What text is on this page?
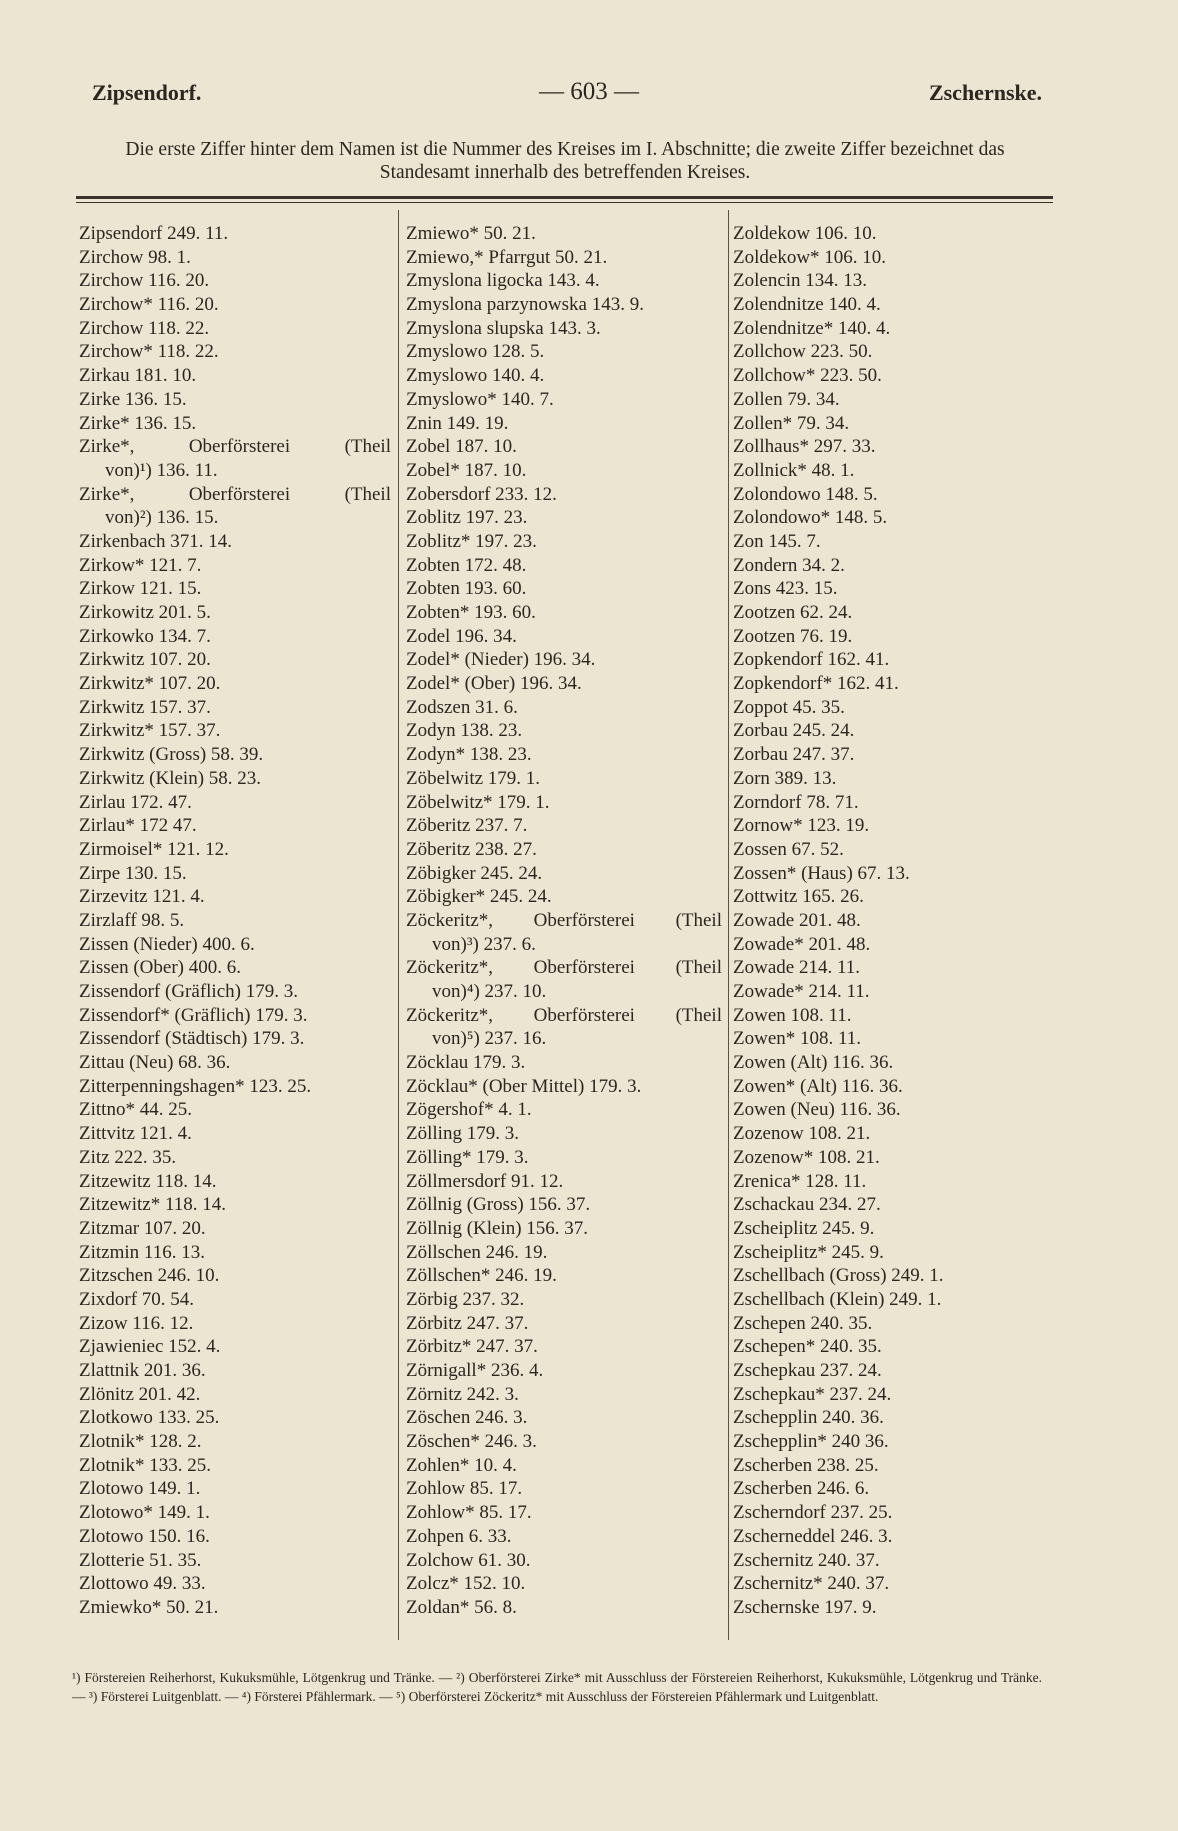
Zipsendorf.	— 603 —	Zschernske.
Die erste Ziffer hinter dem Namen ist die Nummer des Kreises im I. Abschnitte; die zweite Ziffer bezeichnet das Standesamt innerhalb des betreffenden Kreises.
Zipsendorf 249. 11.
Zirchow 98. 1.
Zirchow 116. 20.
Zirchow* 116. 20.
Zirchow 118. 22.
Zirchow* 118. 22.
Zirkau 181. 10.
Zirke 136. 15.
Zirke* 136. 15.
Zirke*, Oberförsterei (Theil
von)¹) 136. 11.
Zirke*, Oberförsterei (Theil
von)²) 136. 15.
Zirkenbach 371. 14.
Zirkow* 121. 7.
Zirkow 121. 15.
Zirkowitz 201. 5.
Zirkowko 134. 7.
Zirkwitz 107. 20.
Zirkwitz* 107. 20.
Zirkwitz 157. 37.
Zirkwitz* 157. 37.
Zirkwitz (Gross) 58. 39.
Zirkwitz (Klein) 58. 23.
Zirlau 172. 47.
Zirlau* 172 47.
Zirmoisel* 121. 12.
Zirpe 130. 15.
Zirzevitz 121. 4.
Zirzlaff 98. 5.
Zissen (Nieder) 400. 6.
Zissen (Ober) 400. 6.
Zissendorf (Gräflich) 179. 3.
Zissendorf* (Gräflich) 179. 3.
Zissendorf (Städtisch) 179. 3.
Zittau (Neu) 68. 36.
Zitterpenningshagen* 123. 25.
Zittno* 44. 25.
Zittvitz 121. 4.
Zitz 222. 35.
Zitzewitz 118. 14.
Zitzewitz* 118. 14.
Zitzmar 107. 20.
Zitzmin 116. 13.
Zitzschen 246. 10.
Zixdorf 70. 54.
Zizow 116. 12.
Zjawieniec 152. 4.
Zlattnik 201. 36.
Zlönitz 201. 42.
Zlotkowo 133. 25.
Zlotnik* 128. 2.
Zlotnik* 133. 25.
Zlotowo 149. 1.
Zlotowo* 149. 1.
Zlotowo 150. 16.
Zlotterie 51. 35.
Zlottowo 49. 33.
Zmiewko* 50. 21.
Zmiewo* 50. 21.
Zmiewo,* Pfarrgut 50. 21.
Zmyslona ligocka 143. 4.
Zmyslona parzynowska 143. 9.
Zmyslona slupska 143. 3.
Zmyslowo 128. 5.
Zmyslowo 140. 4.
Zmyslowo* 140. 7.
Znin 149. 19.
Zobel 187. 10.
Zobel* 187. 10.
Zobersdorf 233. 12.
Zoblitz 197. 23.
Zoblitz* 197. 23.
Zobten 172. 48.
Zobten 193. 60.
Zobten* 193. 60.
Zodel 196. 34.
Zodel* (Nieder) 196. 34.
Zodel* (Ober) 196. 34.
Zodszen 31. 6.
Zodyn 138. 23.
Zodyn* 138. 23.
Zöbelwitz 179. 1.
Zöbelwitz* 179. 1.
Zöberitz 237. 7.
Zöberitz 238. 27.
Zöbigker 245. 24.
Zöbigker* 245. 24.
Zöckeritz*, Oberförsterei (Theil
von)³) 237. 6.
Zöckeritz*, Oberförsterei (Theil
von)⁴) 237. 10.
Zöckeritz*, Oberförsterei (Theil
von)⁵) 237. 16.
Zöcklau 179. 3.
Zöcklau* (Ober Mittel) 179. 3.
Zögershof* 4. 1.
Zölling 179. 3.
Zölling* 179. 3.
Zöllmersdorf 91. 12.
Zöllnig (Gross) 156. 37.
Zöllnig (Klein) 156. 37.
Zöllschen 246. 19.
Zöllschen* 246. 19.
Zörbig 237. 32.
Zörbitz 247. 37.
Zörbitz* 247. 37.
Zörnigall* 236. 4.
Zörnitz 242. 3.
Zöschen 246. 3.
Zöschen* 246. 3.
Zohlen* 10. 4.
Zohlow 85. 17.
Zohlow* 85. 17.
Zohpen 6. 33.
Zolchow 61. 30.
Zolcz* 152. 10.
Zoldan* 56. 8.
Zoldekow 106. 10.
Zoldekow* 106. 10.
Zolencin 134. 13.
Zolendnitze 140. 4.
Zolendnitze* 140. 4.
Zollchow 223. 50.
Zollchow* 223. 50.
Zollen 79. 34.
Zollen* 79. 34.
Zollhaus* 297. 33.
Zollnick* 48. 1.
Zolondowo 148. 5.
Zolondowo* 148. 5.
Zon 145. 7.
Zondern 34. 2.
Zons 423. 15.
Zootzen 62. 24.
Zootzen 76. 19.
Zopkendorf 162. 41.
Zopkendorf* 162. 41.
Zoppot 45. 35.
Zorbau 245. 24.
Zorbau 247. 37.
Zorn 389. 13.
Zorndorf 78. 71.
Zornow* 123. 19.
Zossen 67. 52.
Zossen* (Haus) 67. 13.
Zottwitz 165. 26.
Zowade 201. 48.
Zowade* 201. 48.
Zowade 214. 11.
Zowade* 214. 11.
Zowen 108. 11.
Zowen* 108. 11.
Zowen (Alt) 116. 36.
Zowen* (Alt) 116. 36.
Zowen (Neu) 116. 36.
Zozenow 108. 21.
Zozenow* 108. 21.
Zrenica* 128. 11.
Zschackau 234. 27.
Zscheiplitz 245. 9.
Zscheiplitz* 245. 9.
Zschellbach (Gross) 249. 1.
Zschellbach (Klein) 249. 1.
Zschepen 240. 35.
Zschepen* 240. 35.
Zschepkau 237. 24.
Zschepkau* 237. 24.
Zschepplin 240. 36.
Zschepplin* 240 36.
Zscherben 238. 25.
Zscherben 246. 6.
Zscherndorf 237. 25.
Zscherneddel 246. 3.
Zschernitz 240. 37.
Zschernitz* 240. 37.
Zschernske 197. 9.
¹) Förstereien Reiherhorst, Kukuksmühle, Lötgenkrug und Tränke. — ²) Oberförsterei Zirke* mit Ausschluss der Förstereien Reiherhorst, Kukuksmühle, Lötgenkrug und Tränke. — ³) Försterei Luitgenblatt. — ⁴) Försterei Pfählermark. — ⁵) Oberförsterei Zöckeritz* mit Ausschluss der Förstereien Pfählermark und Luitgenblatt.
